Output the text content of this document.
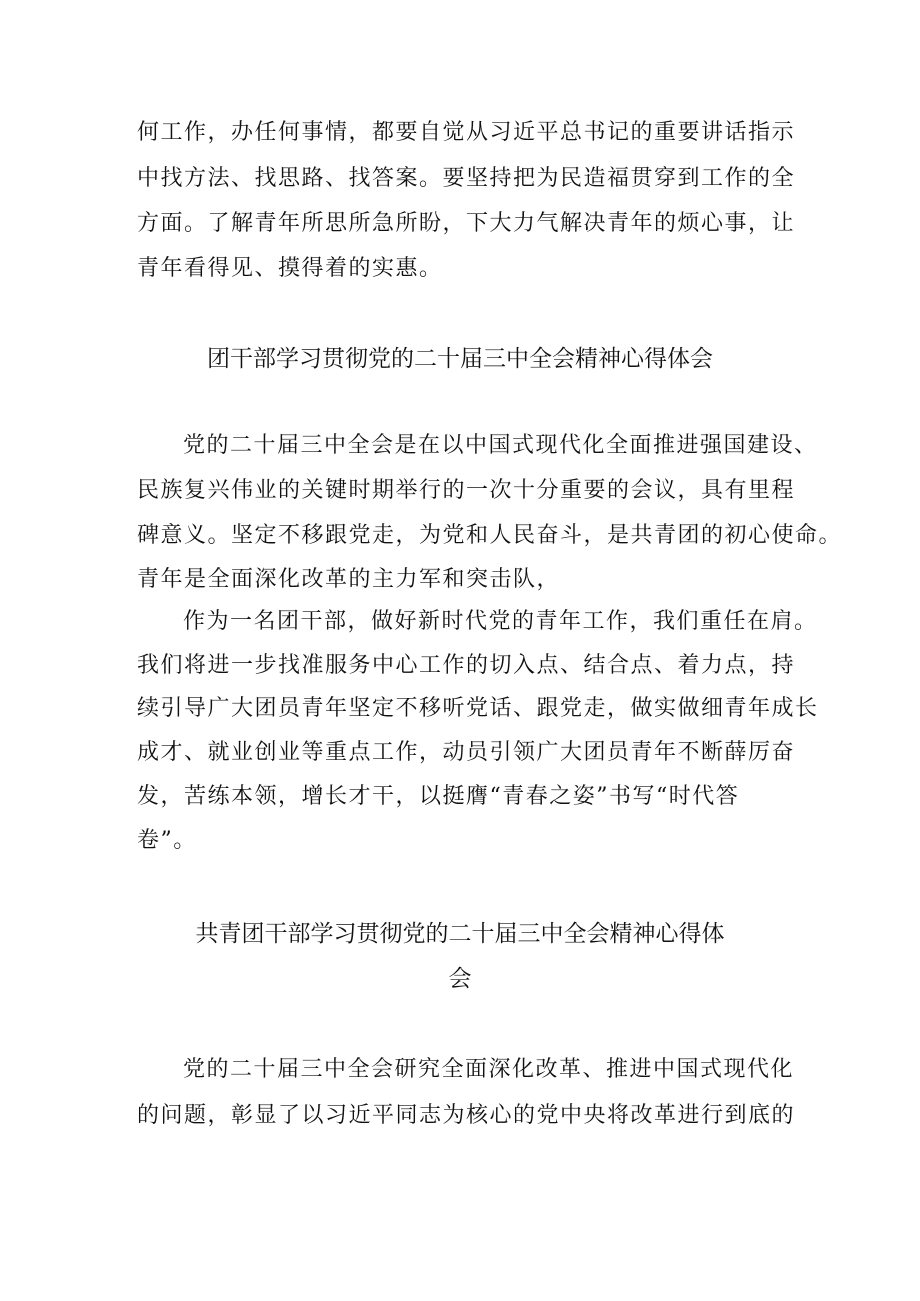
何工作，办任何事情，都要自觉从习近平总书记的重要讲话指示
中找方法、找思路、找答案。要坚持把为民造福贯穿到工作的全
方面。了解青年所思所急所盼，下大力气解决青年的烦心事，让
青年看得见、摸得着的实惠。
团干部学习贯彻党的二十届三中全会精神心得体会
党的二十届三中全会是在以中国式现代化全面推进强国建设、
民族复兴伟业的关键时期举行的一次十分重要的会议，具有里程
碑意义。坚定不移跟党走，为党和人民奋斗，是共青团的初心使命。
青年是全面深化改革的主力军和突击队，
作为一名团干部，做好新时代党的青年工作，我们重任在肩。
我们将进一步找准服务中心工作的切入点、结合点、着力点，持
续引导广大团员青年坚定不移听党话、跟党走，做实做细青年成长
成才、就业创业等重点工作，动员引领广大团员青年不断薛厉奋
发，苦练本领，增长才干，以挺膺“青春之姿”书写“时代答
卷”。
共青团干部学习贯彻党的二十届三中全会精神心得体
会
党的二十届三中全会研究全面深化改革、推进中国式现代化
的问题，彰显了以习近平同志为核心的党中央将改革进行到底的
